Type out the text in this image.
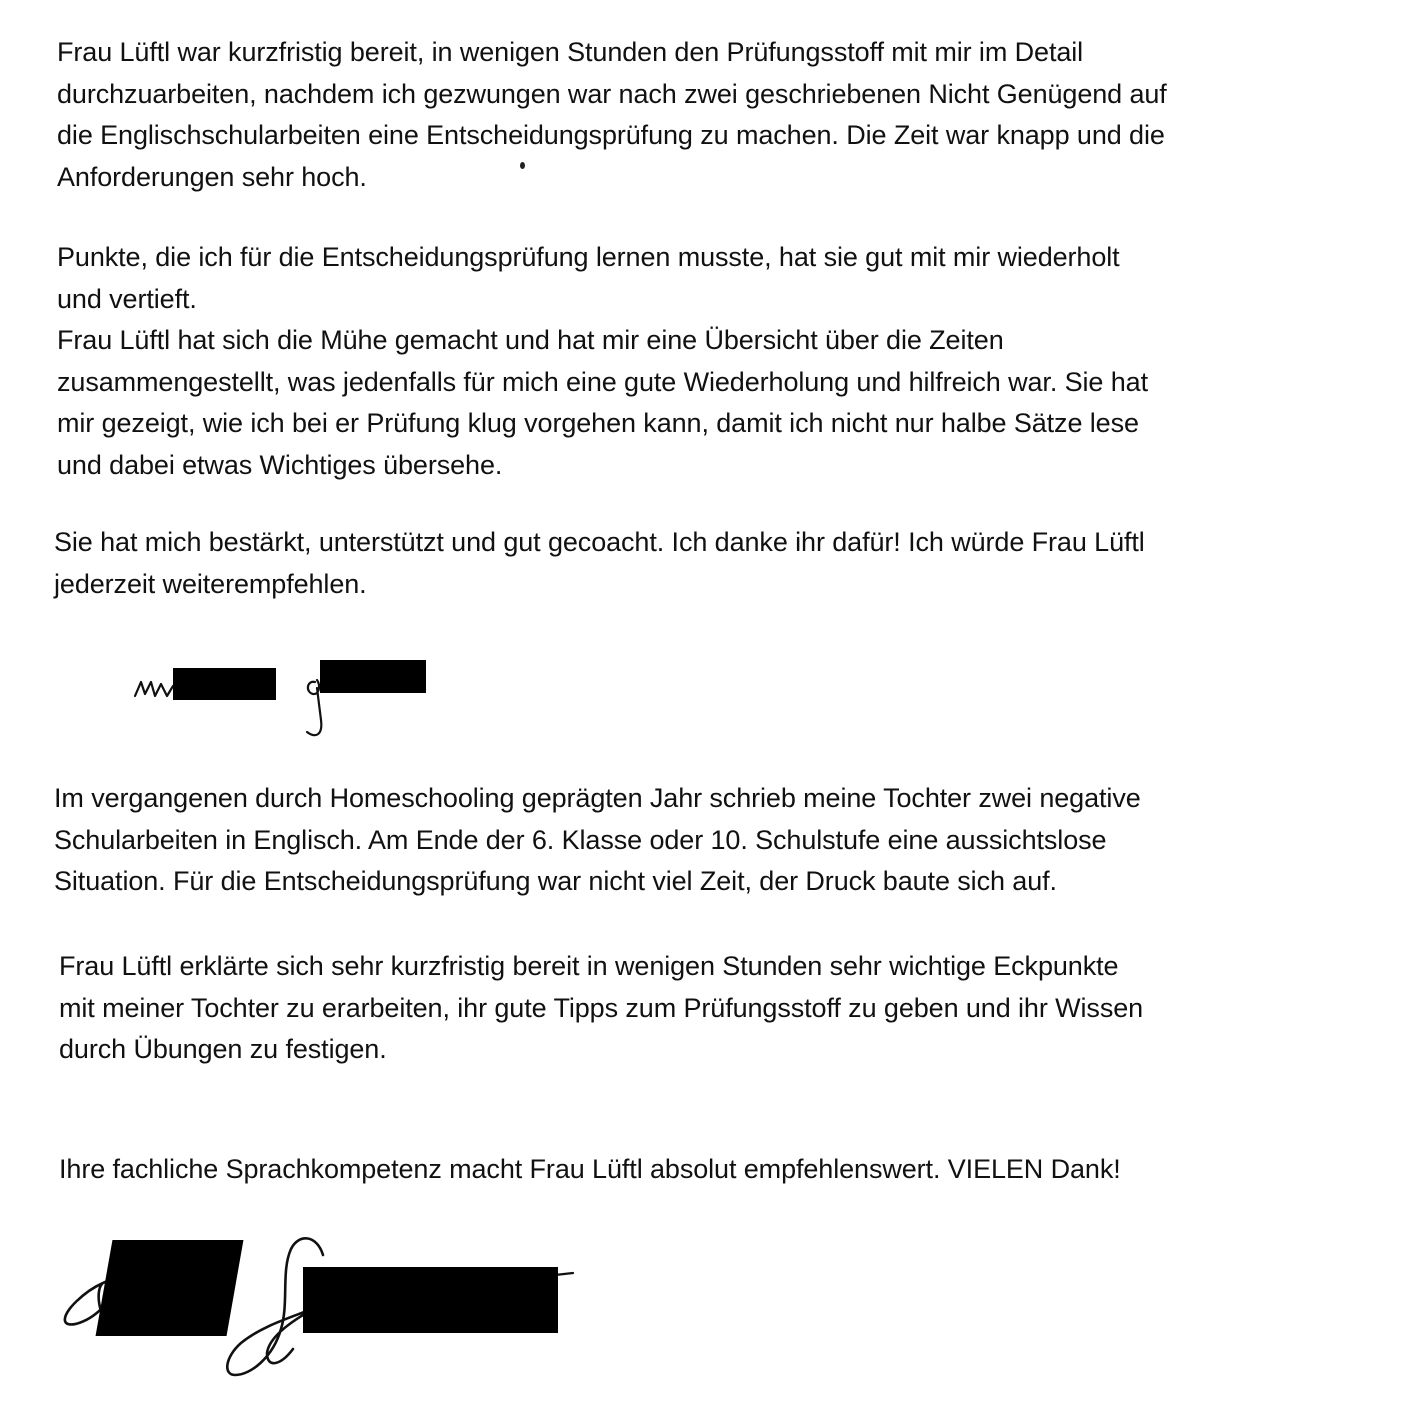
Frau Lüftl war kurzfristig bereit, in wenigen Stunden den Prüfungsstoff mit mir im Detail
durchzuarbeiten, nachdem ich gezwungen war nach zwei geschriebenen Nicht Genügend auf
die Englischschularbeiten eine Entscheidungsprüfung zu machen. Die Zeit war knapp und die
Anforderungen sehr hoch.
Punkte, die ich für die Entscheidungsprüfung lernen musste, hat sie gut mit mir wiederholt
und vertieft.
Frau Lüftl hat sich die Mühe gemacht und hat mir eine Übersicht über die Zeiten
zusammengestellt, was jedenfalls für mich eine gute Wiederholung und hilfreich war. Sie hat
mir gezeigt, wie ich bei er Prüfung klug vorgehen kann, damit ich nicht nur halbe Sätze lese
und dabei etwas Wichtiges übersehe.
Sie hat mich bestärkt, unterstützt und gut gecoacht. Ich danke ihr dafür! Ich würde Frau Lüftl
jederzeit weiterempfehlen.
Im vergangenen durch Homeschooling geprägten Jahr schrieb meine Tochter zwei negative
Schularbeiten in Englisch. Am Ende der 6. Klasse oder 10. Schulstufe eine aussichtslose
Situation. Für die Entscheidungsprüfung war nicht viel Zeit, der Druck baute sich auf.
Frau Lüftl erklärte sich sehr kurzfristig bereit in wenigen Stunden sehr wichtige Eckpunkte
mit meiner Tochter zu erarbeiten, ihr gute Tipps zum Prüfungsstoff zu geben und ihr Wissen
durch Übungen zu festigen.
Ihre fachliche Sprachkompetenz macht Frau Lüftl absolut empfehlenswert. VIELEN Dank!
